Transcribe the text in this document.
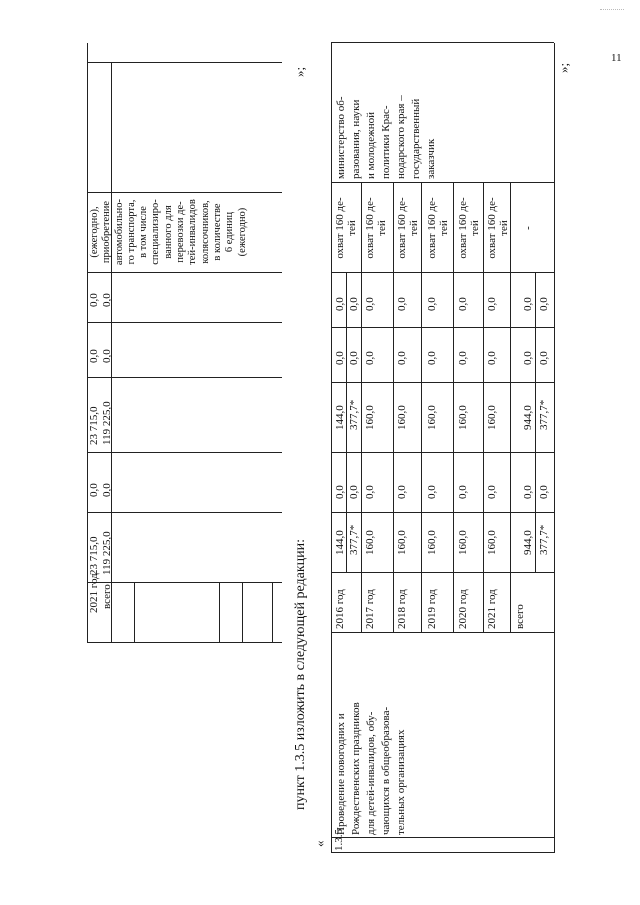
11
2021 год
23 715,0
0,0
23 715,0
0,0
0,0
всего
119 225,0
0,0
119 225,0
0,0
0,0
(ежегодно), приобретение автомобильно- го транспорта, в том числе специализиро- ванного для перевозки де- тей-инвалидов колясочников, в количестве 6 единиц (ежегодно)
»;
пункт 1.3.5 изложить в следующей редакции:
« 1.3.5
Проведение новогодних и Рождественских праздников для детей-инвалидов, обу- чающихся в общеобразова- тельных организациях
2016 год
144,0 377,7*
0,0 0,0
144,0 377,7*
0,0 0,0
0,0 0,0
охват 160 де- тей
2017 год
160,0
0,0
160,0
0,0
0,0
охват 160 де- тей
2018 год
160,0
0,0
160,0
0,0
0,0
охват 160 де- тей
2019 год
160,0
0,0
160,0
0,0
0,0
охват 160 де- тей
2020 год
160,0
0,0
160,0
0,0
0,0
охват 160 де- тей
2021 год
160,0
0,0
160,0
0,0
0,0
охват 160 де- тей
всего
944,0 377,7*
0,0 0,0
944,0 377,7*
0,0 0,0
0,0 0,0
-
министерство об- разования, науки и молодежной политики Крас- нодарского края – государственный заказчик
»;
